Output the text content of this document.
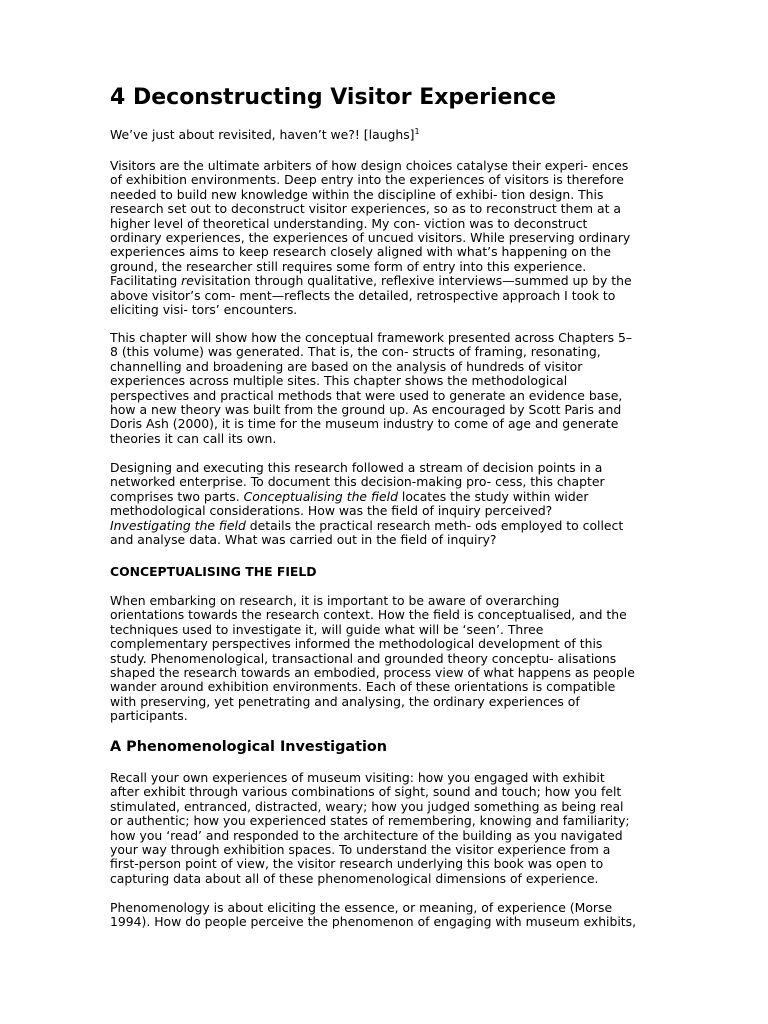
4 Deconstructing Visitor Experience

We’ve just about revisited, haven’t we?! [laughs]$^1$

Visitors are the ultimate arbiters of how design choices catalyse their experi- ences
of exhibition environments. Deep entry into the experiences of visitors is therefore
needed to build new knowledge within the discipline of exhibi- tion design. This
research set out to deconstruct visitor experiences, so as to reconstruct them at a
higher level of theoretical understanding. My con- viction was to deconstruct
ordinary experiences, the experiences of uncued visitors. While preserving ordinary
experiences aims to keep research closely aligned with what’s happening on the
ground, the researcher still requires some form of entry into this experience.
Facilitating revisitation through qualitative, reflexive interviews—summed up by the
above visitor’s com- ment—reflects the detailed, retrospective approach I took to
eliciting visi- tors’ encounters.

This chapter will show how the conceptual framework presented across Chapters 5–
8 (this volume) was generated. That is, the con- structs of framing, resonating,
channelling and broadening are based on the analysis of hundreds of visitor
experiences across multiple sites. This chapter shows the methodological
perspectives and practical methods that were used to generate an evidence base,
how a new theory was built from the ground up. As encouraged by Scott Paris and
Doris Ash (2000), it is time for the museum industry to come of age and generate
theories it can call its own.

Designing and executing this research followed a stream of decision points in a
networked enterprise. To document this decision-making pro- cess, this chapter
comprises two parts. Conceptualising the field locates the study within wider
methodological considerations. How was the field of inquiry perceived?
Investigating the field details the practical research meth- ods employed to collect
and analyse data. What was carried out in the field of inquiry?

CONCEPTUALISING THE FIELD

When embarking on research, it is important to be aware of overarching
orientations towards the research context. How the field is conceptualised, and the
techniques used to investigate it, will guide what will be ‘seen’. Three
complementary perspectives informed the methodological development of this
study. Phenomenological, transactional and grounded theory conceptu- alisations
shaped the research towards an embodied, process view of what happens as people
wander around exhibition environments. Each of these orientations is compatible
with preserving, yet penetrating and analysing, the ordinary experiences of
participants.

A Phenomenological Investigation

Recall your own experiences of museum visiting: how you engaged with exhibit
after exhibit through various combinations of sight, sound and touch; how you felt
stimulated, entranced, distracted, weary; how you judged something as being real
or authentic; how you experienced states of remembering, knowing and familiarity;
how you ‘read’ and responded to the architecture of the building as you navigated
your way through exhibition spaces. To understand the visitor experience from a
first-person point of view, the visitor research underlying this book was open to
capturing data about all of these phenomenological dimensions of experience.

Phenomenology is about eliciting the essence, or meaning, of experience (Morse
1994). How do people perceive the phenomenon of engaging with museum exhibits,
